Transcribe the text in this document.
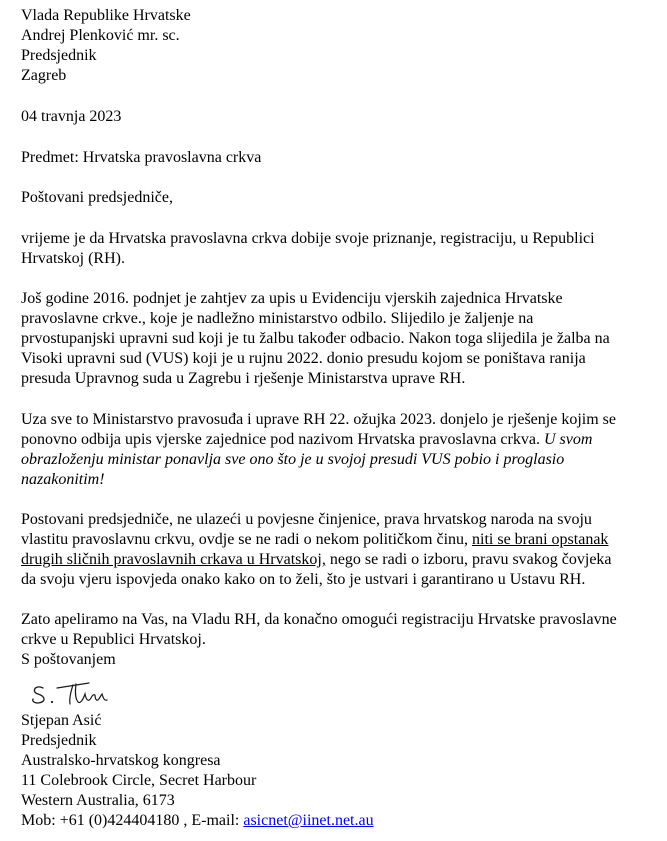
Vlada Republike Hrvatske
Andrej Plenković mr. sc.
Predsjednik
Zagreb
04 travnja 2023
Predmet: Hrvatska pravoslavna crkva
Poštovani predsjedniče,
vrijeme je da Hrvatska pravoslavna crkva dobije svoje priznanje, registraciju, u Republici
Hrvatskoj (RH).
Još godine 2016. podnjet je zahtjev za upis u Evidenciju vjerskih zajednica Hrvatske
pravoslavne crkve., koje je nadležno ministarstvo odbilo. Slijedilo je žaljenje na
prvostupanjski upravni sud koji je tu žalbu također odbacio. Nakon toga slijedila je žalba na
Visoki upravni sud (VUS) koji je u rujnu 2022. donio presudu kojom se poništava ranija
presuda Upravnog suda u Zagrebu i rješenje Ministarstva uprave RH.
Uza sve to Ministarstvo pravosuđa i uprave RH 22. ožujka 2023. donjelo je rješenje kojim se
ponovno odbija upis vjerske zajednice pod nazivom Hrvatska pravoslavna crkva. U svom
obrazloženju ministar ponavlja sve ono što je u svojoj presudi VUS pobio i proglasio
nazakonitim!
Postovani predsjedniče, ne ulazeći u povjesne činjenice, prava hrvatskog naroda na svoju
vlastitu pravoslavnu crkvu, ovdje se ne radi o nekom političkom činu, niti se brani opstanak
drugih sličnih pravoslavnih crkava u Hrvatskoj, nego se radi o izboru, pravu svakog čovjeka
da svoju vjeru ispovjeda onako kako on to želi, što je ustvari i garantirano u Ustavu RH.
Zato apeliramo na Vas, na Vladu RH, da konačno omogući registraciju Hrvatske pravoslavne
crkve u Republici Hrvatskoj.
S poštovanjem
Stjepan Asić
Predsjednik
Australsko-hrvatskog kongresa
11 Colebrook Circle, Secret Harbour
Western Australia, 6173
Mob: +61 (0)424404180 , E-mail: asicnet@iinet.net.au
